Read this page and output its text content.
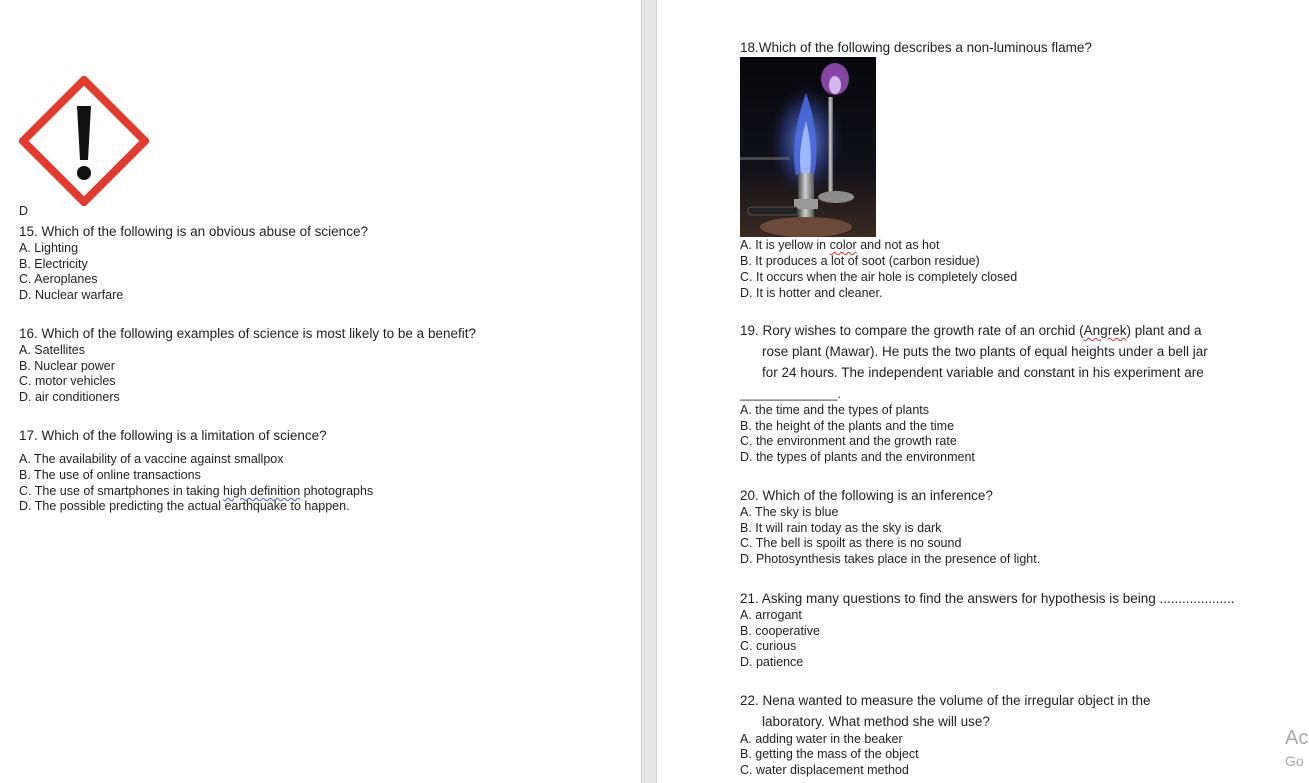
D
15. Which of the following is an obvious abuse of science?
A. Lighting
B. Electricity
C. Aeroplanes
D. Nuclear warfare
16. Which of the following examples of science is most likely to be a benefit?
A. Satellites
B. Nuclear power
C. motor vehicles
D. air conditioners
17. Which of the following is a limitation of science?
A. The availability of a vaccine against smallpox
B. The use of online transactions
C. The use of smartphones in taking high definition photographs
D. The possible predicting the actual earthquake to happen.
18.Which of the following describes a non-luminous flame?
A. It is yellow in color and not as hot
B. It produces a lot of soot (carbon residue)
C. It occurs when the air hole is completely closed
D. It is hotter and cleaner.
19. Rory wishes to compare the growth rate of an orchid (Angrek) plant and a
rose plant (Mawar). He puts the two plants of equal heights under a bell jar
for 24 hours. The independent variable and constant in his experiment are
______________.
A. the time and the types of plants
B. the height of the plants and the time
C. the environment and the growth rate
D. the types of plants and the environment
20. Which of the following is an inference?
A. The sky is blue
B. It will rain today as the sky is dark
C. The bell is spoilt as there is no sound
D. Photosynthesis takes place in the presence of light.
21. Asking many questions to find the answers for hypothesis is being ....................
A. arrogant
B. cooperative
C. curious
D. patience
22. Nena wanted to measure the volume of the irregular object in the
laboratory. What method she will use?
A. adding water in the beaker
B. getting the mass of the object
C. water displacement method
Ac
Go
